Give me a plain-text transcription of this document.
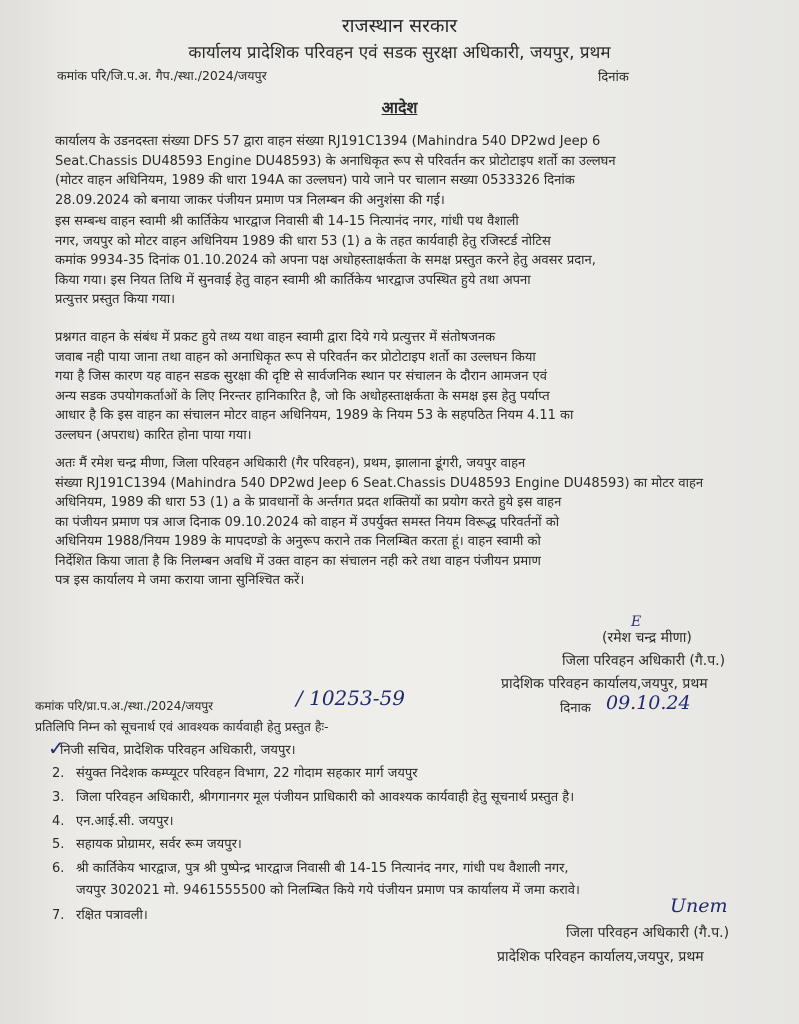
राजस्थान सरकार
कार्यालय प्रादेशिक परिवहन एवं सडक सुरक्षा अधिकारी, जयपुर, प्रथम
कमांक परि/जि.प.अ. गैप./स्था./2024/जयपुर	दिनांक
आदेश
कार्यालय के उडनदस्ता संख्या DFS 57 द्वारा वाहन संख्या RJ191C1394 (Mahindra 540 DP2wd Jeep 6
Seat.Chassis DU48593 Engine DU48593) के अनाधिकृत रूप से परिवर्तन कर प्रोटोटाइप शर्तो का उल्लघन
(मोटर वाहन अधिनियम, 1989 की धारा 194A का उल्लघन) पाये जाने पर चालान सख्या 0533326 दिनांक
28.09.2024 को बनाया जाकर पंजीयन प्रमाण पत्र निलम्बन की अनुशंसा की गई।
इस सम्बन्ध वाहन स्वामी श्री कार्तिकेय भारद्वाज निवासी बी 14-15 नित्यानंद नगर, गांधी पथ वैशाली
नगर, जयपुर को मोटर वाहन अधिनियम 1989 की धारा 53 (1) a के तहत कार्यवाही हेतु रजिस्टर्ड नोटिस
कमांक 9934-35 दिनांक 01.10.2024 को अपना पक्ष अधोहस्ताक्षर्कता के समक्ष प्रस्तुत करने हेतु अवसर प्रदान,
किया गया। इस नियत तिथि में सुनवाई हेतु वाहन स्वामी श्री कार्तिकेय भारद्वाज उपस्थित हुये तथा अपना
प्रत्युत्तर प्रस्तुत किया गया।
प्रश्नगत वाहन के संबंध में प्रकट हुये तथ्य यथा वाहन स्वामी द्वारा दिये गये प्रत्युत्तर में संतोषजनक
जवाब नही पाया जाना तथा वाहन को अनाधिकृत रूप से परिवर्तन कर प्रोटोटाइप शर्तो का उल्लघन किया
गया है जिस कारण यह वाहन सडक सुरक्षा की दृष्टि से सार्वजनिक स्थान पर संचालन के दौरान आमजन एवं
अन्य सडक उपयोगकर्ताओं के लिए निरन्तर हानिकारित है, जो कि अधोहस्ताक्षर्कता के समक्ष इस हेतु पर्याप्त
आधार है कि इस वाहन का संचालन मोटर वाहन अधिनियम, 1989 के नियम 53 के सहपठित नियम 4.11 का
उल्लघन (अपराध) कारित होना पाया गया।
अतः मैं रमेश चन्द्र मीणा, जिला परिवहन अधिकारी (गैर परिवहन), प्रथम, झालाना डूंगरी, जयपुर वाहन
संख्या RJ191C1394 (Mahindra 540 DP2wd Jeep 6 Seat.Chassis DU48593 Engine DU48593) का मोटर वाहन
अधिनियम, 1989 की धारा 53 (1) a के प्रावधानों के अर्न्तगत प्रदत शक्तियों का प्रयोग करते हुये इस वाहन
का पंजीयन प्रमाण पत्र आज दिनाक 09.10.2024 को वाहन में उपर्युक्त समस्त नियम विरूद्ध परिवर्तनों को
अधिनियम 1988/नियम 1989 के मापदण्डो के अनुरूप कराने तक निलम्बित करता हूं। वाहन स्वामी को
निर्देशित किया जाता है कि निलम्बन अवधि में उक्त वाहन का संचालन नही करे तथा वाहन पंजीयन प्रमाण
पत्र इस कार्यालय मे जमा कराया जाना सुनिश्चित करें।
E
(रमेश चन्द्र मीणा)
जिला परिवहन अधिकारी (गै.प.)
प्रादेशिक परिवहन कार्यालय,जयपुर, प्रथम
कमांक परि/प्रा.प.अ./स्था./2024/जयपुर	/ 10253-59	दिनाक 09.10.24
प्रतिलिपि निम्न को सूचनार्थ एवं आवश्यक कार्यवाही हेतु प्रस्तुत हैः-
✓
निजी सचिव, प्रादेशिक परिवहन अधिकारी, जयपुर।
2. संयुक्त निदेशक कम्प्यूटर परिवहन विभाग, 22 गोदाम सहकार मार्ग जयपुर
3. जिला परिवहन अधिकारी, श्रीगगानगर मूल पंजीयन प्राधिकारी को आवश्यक कार्यवाही हेतु सूचनार्थ प्रस्तुत है।
4. एन.आई.सी. जयपुर।
5. सहायक प्रोग्रामर, सर्वर रूम जयपुर।
6. श्री कार्तिकेय भारद्वाज, पुत्र श्री पुष्पेन्द्र भारद्वाज निवासी बी 14-15 नित्यानंद नगर, गांधी पथ वैशाली नगर,
जयपुर 302021 मो. 9461555500 को निलम्बित किये गये पंजीयन प्रमाण पत्र कार्यालय में जमा करावे।
7. रक्षित पत्रावली।	Unem
जिला परिवहन अधिकारी (गै.प.)
प्रादेशिक परिवहन कार्यालय,जयपुर, प्रथम
